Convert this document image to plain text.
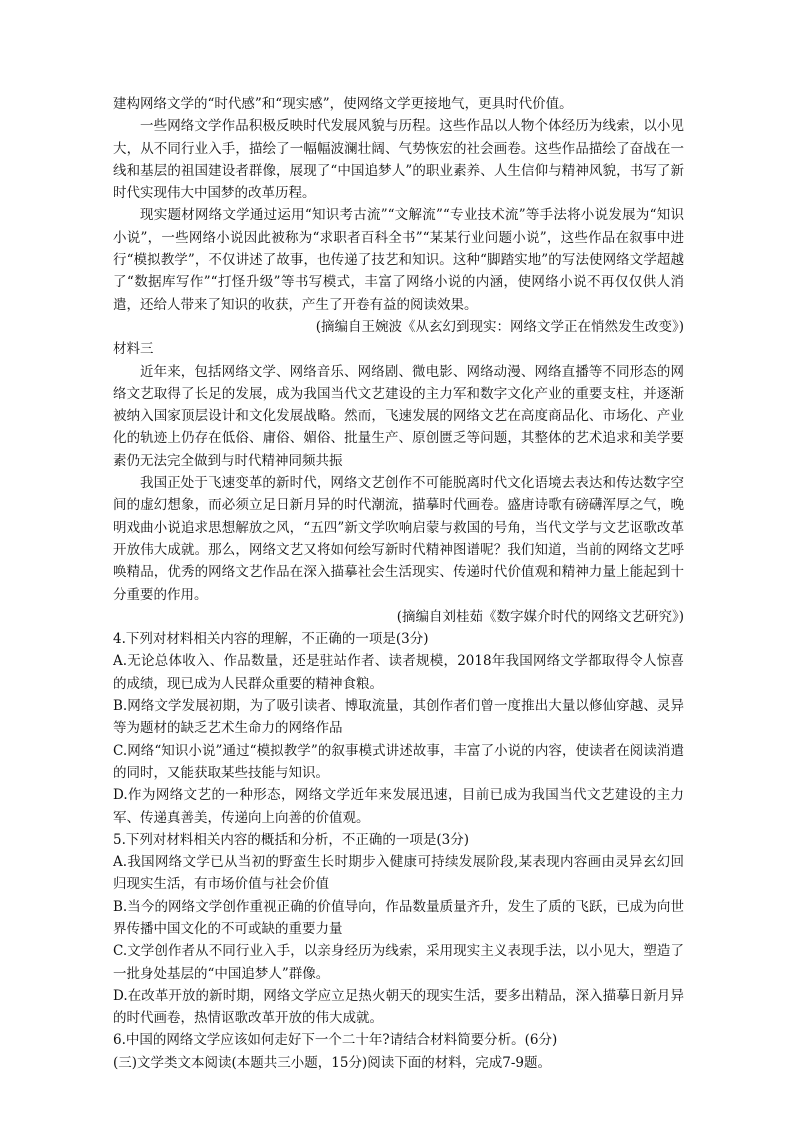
建构网络文学的“时代感”和“现实感”，使网络文学更接地气，更具时代价值。

一些网络文学作品积极反映时代发展风貌与历程。这些作品以人物个体经历为线索，以小见大，从不同行业入手，描绘了一幅幅波澜壮阔、气势恢宏的社会画卷。这些作品描绘了奋战在一线和基层的祖国建设者群像，展现了“中国追梦人”的职业素养、人生信仰与精神风貌，书写了新时代实现伟大中国梦的改革历程。

现实题材网络文学通过运用“知识考古流”“文解流”“专业技术流”等手法将小说发展为“知识小说”，一些网络小说因此被称为“求职者百科全书”“某某行业问题小说”，这些作品在叙事中进行“模拟教学”，不仅讲述了故事，也传递了技艺和知识。这种“脚踏实地”的写法使网络文学超越了“数据库写作”“打怪升级”等书写模式，丰富了网络小说的内涵，使网络小说不再仅仅供人消遣，还给人带来了知识的收获，产生了开卷有益的阅读效果。

(摘编自王婉波《从玄幻到现实：网络文学正在悄然发生改变》)

材料三

近年来，包括网络文学、网络音乐、网络剧、微电影、网络动漫、网络直播等不同形态的网络文艺取得了长足的发展，成为我国当代文艺建设的主力军和数字文化产业的重要支柱，并逐渐被纳入国家顶层设计和文化发展战略。然而，飞速发展的网络文艺在高度商品化、市场化、产业化的轨迹上仍存在低俗、庸俗、媚俗、批量生产、原创匮乏等问题，其整体的艺术追求和美学要素仍无法完全做到与时代精神同频共振

我国正处于飞速变革的新时代，网络文艺创作不可能脱离时代文化语境去表达和传达数字空间的虚幻想象，而必须立足日新月异的时代潮流，描摹时代画卷。盛唐诗歌有磅礴浑厚之气，晚明戏曲小说追求思想解放之风，“五四”新文学吹响启蒙与救国的号角，当代文学与文艺讴歌改革开放伟大成就。那么，网络文艺又将如何绘写新时代精神图谱呢？我们知道，当前的网络文艺呼唤精品，优秀的网络文艺作品在深入描摹社会生活现实、传递时代价值观和精神力量上能起到十分重要的作用。

(摘编自刘桂茹《数字媒介时代的网络文艺研究》)

4.下列对材料相关内容的理解，不正确的一项是(3分)

A.无论总体收入、作品数量，还是驻站作者、读者规模，2018年我国网络文学都取得令人惊喜的成绩，现已成为人民群众重要的精神食粮。

B.网络文学发展初期，为了吸引读者、博取流量，其创作者们曾一度推出大量以修仙穿越、灵异等为题材的缺乏艺术生命力的网络作品

C.网络“知识小说”通过“模拟教学”的叙事模式讲述故事，丰富了小说的内容，使读者在阅读消遣的同时，又能获取某些技能与知识。

D.作为网络文艺的一种形态，网络文学近年来发展迅速，目前已成为我国当代文艺建设的主力军、传递真善美，传递向上向善的价值观。

5.下列对材料相关内容的概括和分析，不正确的一项是(3分)

A.我国网络文学已从当初的野蛮生长时期步入健康可持续发展阶段,某表现内容画由灵异玄幻回归现实生活，有市场价值与社会价值

B.当今的网络文学创作重视正确的价值导向，作品数量质量齐升，发生了质的飞跃，已成为向世界传播中国文化的不可或缺的重要力量

C.文学创作者从不同行业入手，以亲身经历为线索，采用现实主义表现手法，以小见大，塑造了一批身处基层的“中国追梦人”群像。

D.在改革开放的新时期，网络文学应立足热火朝天的现实生活，要多出精品，深入描摹日新月异的时代画卷，热情讴歌改革开放的伟大成就。

6.中国的网络文学应该如何走好下一个二十年?请结合材料简要分析。(6分)

(三)文学类文本阅读(本题共三小题，15分)阅读下面的材料，完成7-9题。
